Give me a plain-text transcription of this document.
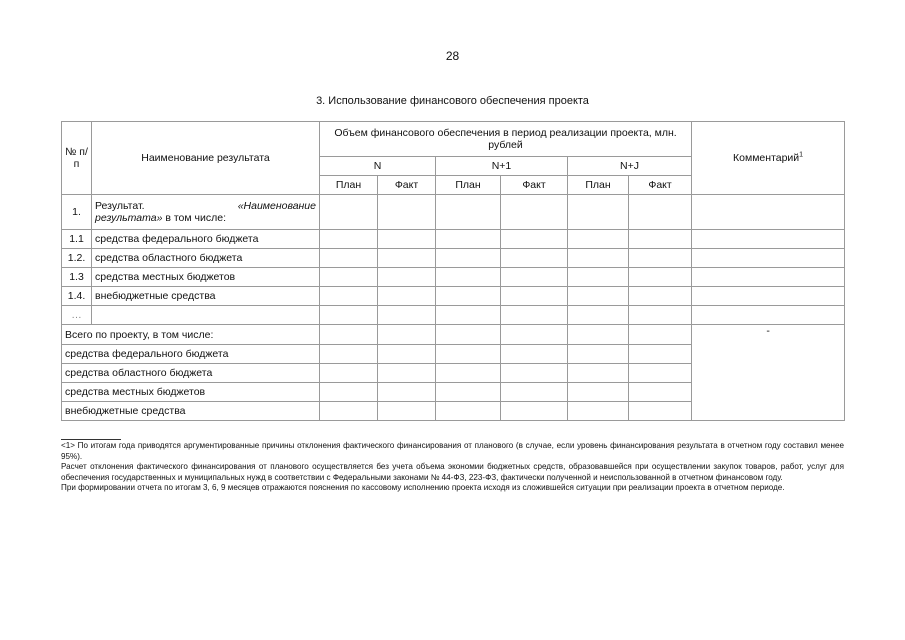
28
3. Использование финансового обеспечения проекта
№ п/п	Наименование результата	Объем финансового обеспечения в период реализации проекта, млн. рублей						Комментарий$^1$
		N		N+1		N+J		
		План	Факт	План	Факт	План	Факт	
1.	Результат. «Наименование результата» в том числе:							
1.1	средства федерального бюджета							
1.2.	средства областного бюджета							
1.3	средства местных бюджетов							
1.4.	внебюджетные средства							
…								
Всего по проекту, в том числе:								-
средства федерального бюджета								
средства областного бюджета								
средства местных бюджетов								
внебюджетные средства								

<1> По итогам года приводятся аргументированные причины отклонения фактического финансирования от планового (в случае, если уровень финансирования результата в отчетном году составил менее 95%).

Расчет отклонения фактического финансирования от планового осуществляется без учета объема экономии бюджетных средств, образовавшейся при осуществлении закупок товаров, работ, услуг для обеспечения государственных и муниципальных нужд в соответствии с Федеральными законами № 44-ФЗ, 223-ФЗ, фактически полученной и неиспользованной в отчетном финансовом году.

При формировании отчета по итогам 3, 6, 9 месяцев отражаются пояснения по кассовому исполнению проекта исходя из сложившейся ситуации при реализации проекта в отчетном периоде.
